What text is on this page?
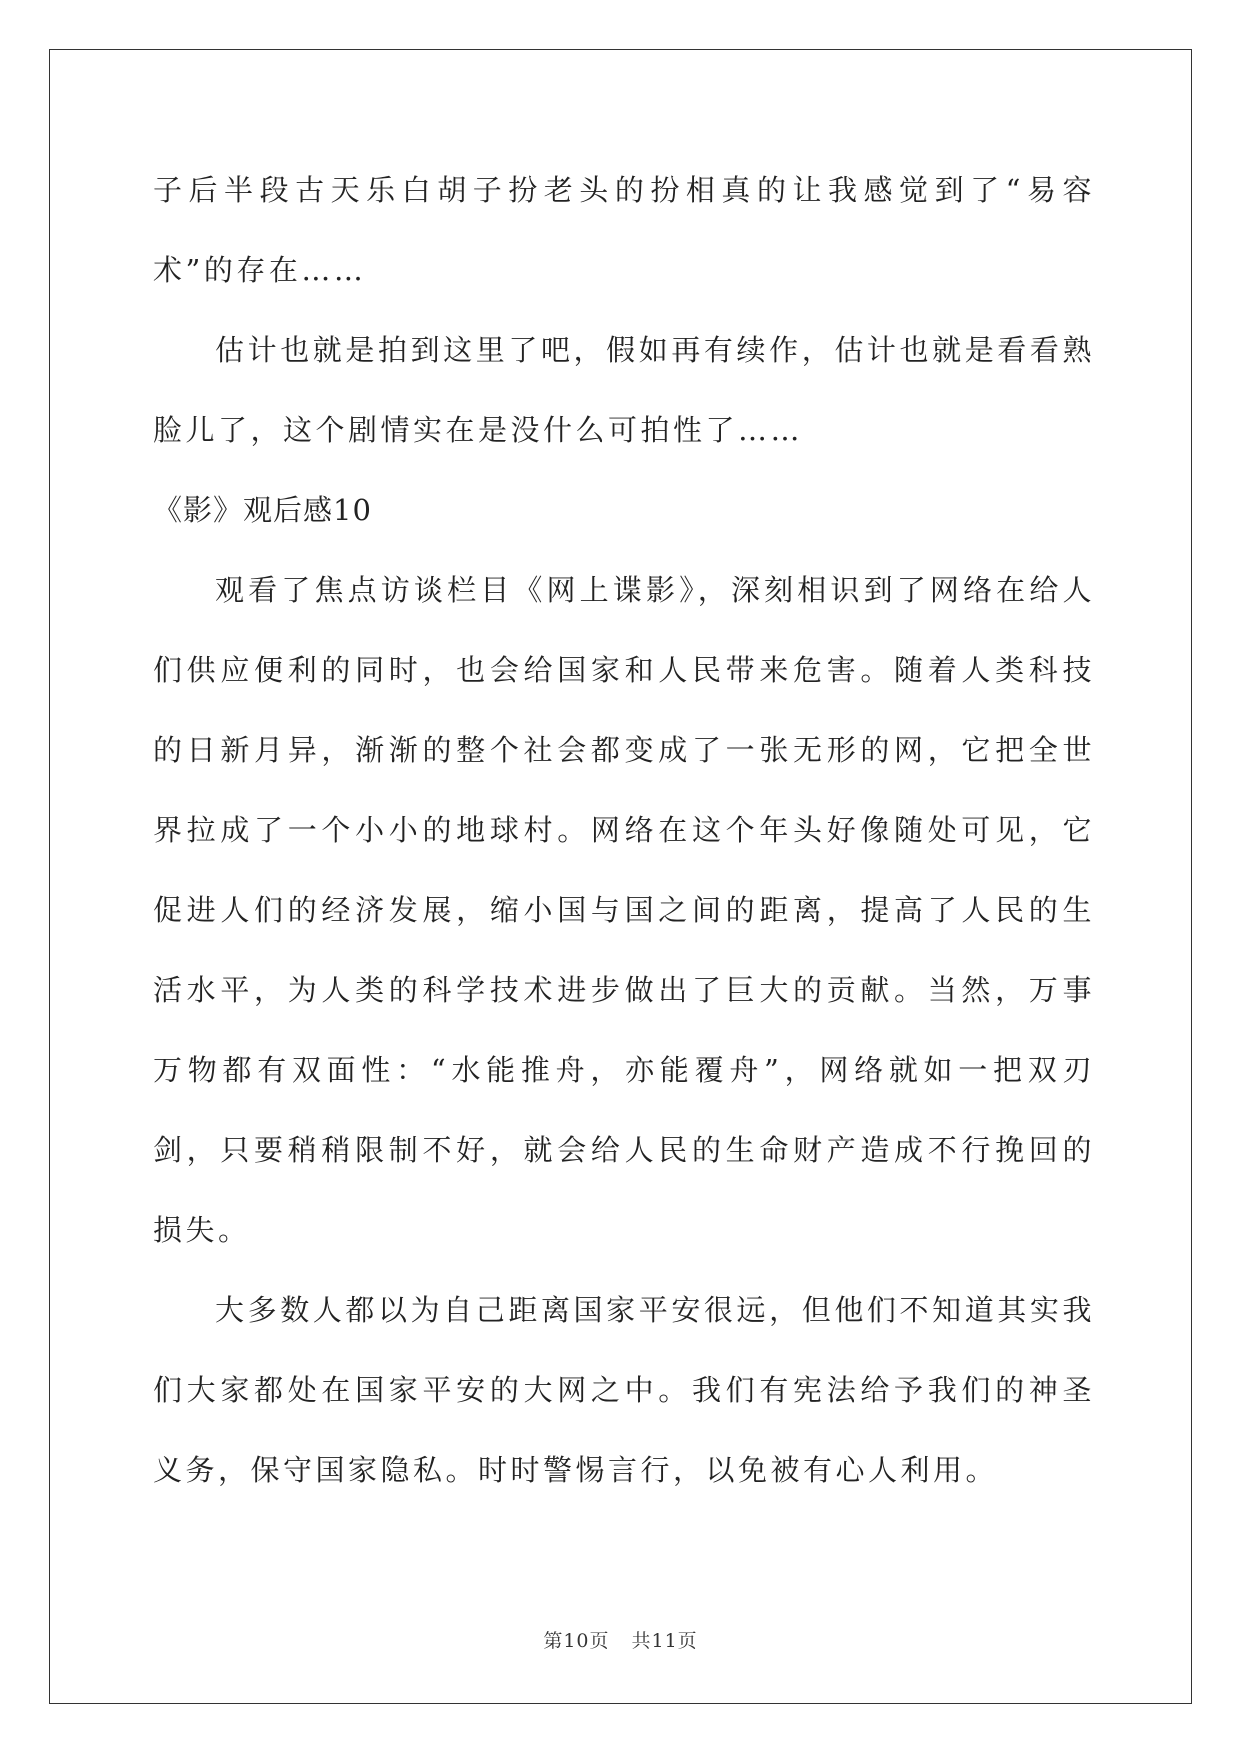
子后半段古天乐白胡子扮老头的扮相真的让我感觉到了“易容术”的存在……

估计也就是拍到这里了吧，假如再有续作，估计也就是看看熟脸儿了，这个剧情实在是没什么可拍性了……

《影》观后感10

观看了焦点访谈栏目《网上谍影》，深刻相识到了网络在给人们供应便利的同时，也会给国家和人民带来危害。随着人类科技的日新月异，渐渐的整个社会都变成了一张无形的网，它把全世界拉成了一个小小的地球村。网络在这个年头好像随处可见，它促进人们的经济发展，缩小国与国之间的距离，提高了人民的生活水平，为人类的科学技术进步做出了巨大的贡献。当然，万事万物都有双面性：“水能推舟，亦能覆舟”，网络就如一把双刃剑，只要稍稍限制不好，就会给人民的生命财产造成不行挽回的损失。

大多数人都以为自己距离国家平安很远，但他们不知道其实我们大家都处在国家平安的大网之中。我们有宪法给予我们的神圣义务，保守国家隐私。时时警惕言行，以免被有心人利用。

第10页 共11页
